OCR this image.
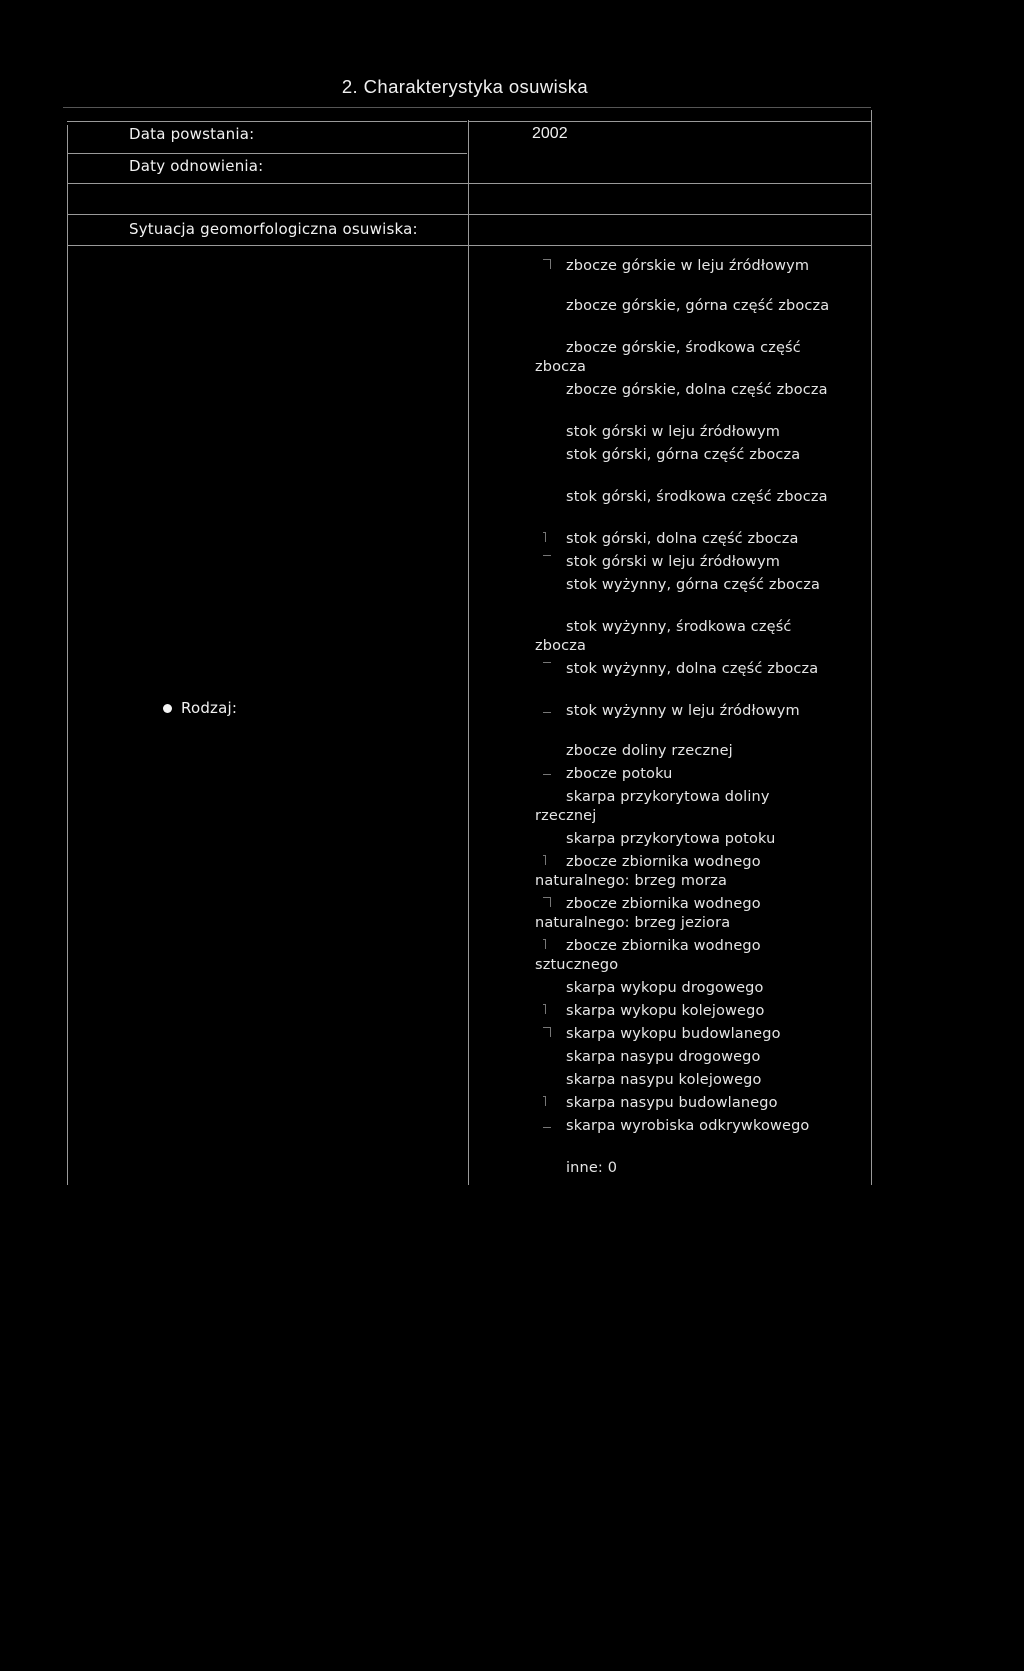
2. Charakterystyka osuwiska
Data powstania:	2002
Daty odnowienia:
Sytuacja geomorfologiczna osuwiska:
Rodzaj:
zbocze górskie w leju źródłowym
zbocze górskie, górna część zbocza
zbocze górskie, środkowa część zbocza
zbocze górskie, dolna część zbocza
stok górski w leju źródłowym
stok górski, górna część zbocza
stok górski, środkowa część zbocza
stok górski, dolna część zbocza
stok górski w leju źródłowym
stok wyżynny, górna część zbocza
stok wyżynny, środkowa część zbocza
stok wyżynny, dolna część zbocza
stok wyżynny w leju źródłowym
zbocze doliny rzecznej
zbocze potoku
skarpa przykorytowa doliny rzecznej
skarpa przykorytowa potoku
zbocze zbiornika wodnego naturalnego: brzeg morza
zbocze zbiornika wodnego naturalnego: brzeg jeziora
zbocze zbiornika wodnego sztucznego
skarpa wykopu drogowego
skarpa wykopu kolejowego
skarpa wykopu budowlanego
skarpa nasypu drogowego
skarpa nasypu kolejowego
skarpa nasypu budowlanego
skarpa wyrobiska odkrywkowego
inne: 0
